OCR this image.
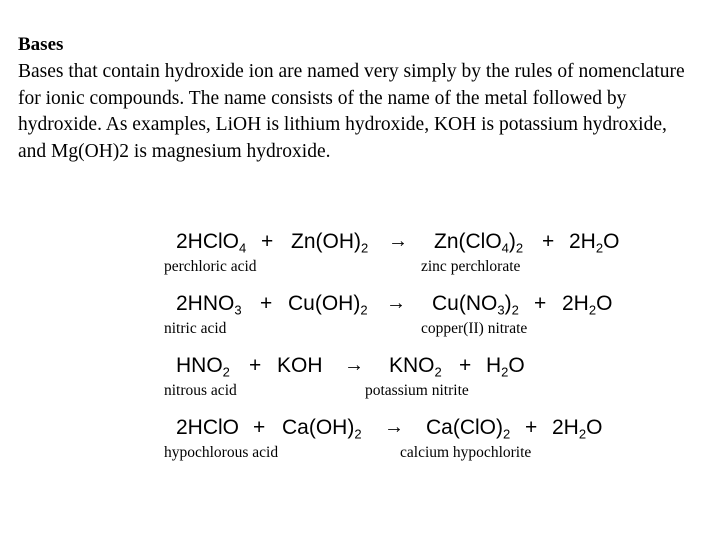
Bases
Bases that contain hydroxide ion are named very simply by the rules of nomenclature for ionic compounds. The name consists of the name of the metal followed by hydroxide. As examples, LiOH is lithium hydroxide, KOH is potassium hydroxide, and Mg(OH)2 is magnesium hydroxide.
2HClO$_4$ + $Zn(OH)_2 \to Zn(ClO_4)_2 + 2H_2O$
perchloric acid	zinc perchlorate
$2HNO_3 + Cu(OH)_2 \to Cu(NO_3)_2 + 2H_2O$
nitric acid	copper(II) nitrate
$HNO_2$ + KOH → $KNO_2 + H_2O$
nitrous acid	potassium nitrite
2HClO + $Ca(OH)_2 \to Ca(ClO)_2 + 2H_2O$
hypochlorous acid	calcium hypochlorite
